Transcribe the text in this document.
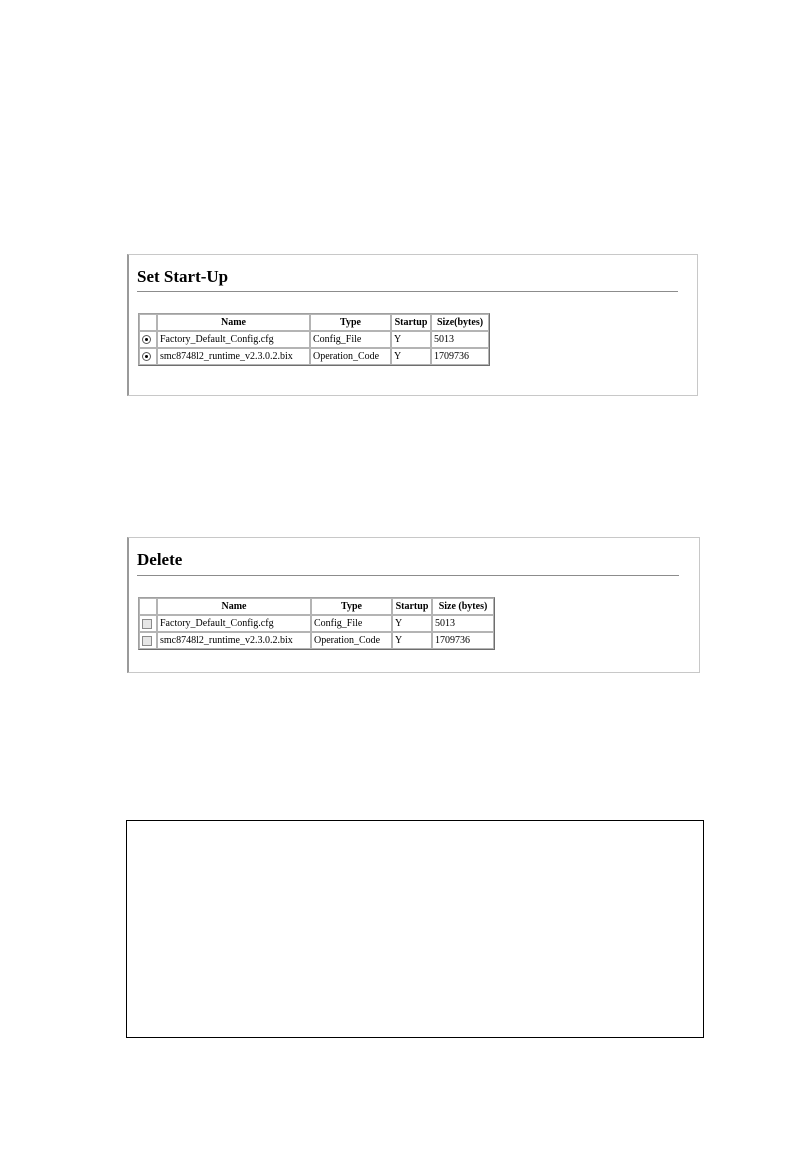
Set Start-Up
	Name	Type	Startup	Size(bytes)
	Factory_Default_Config.cfg	Config_File	Y	5013
	smc8748l2_runtime_v2.3.0.2.bix	Operation_Code	Y	1709736
Delete
	Name	Type	Startup	Size (bytes)
	Factory_Default_Config.cfg	Config_File	Y	5013
	smc8748l2_runtime_v2.3.0.2.bix	Operation_Code	Y	1709736
